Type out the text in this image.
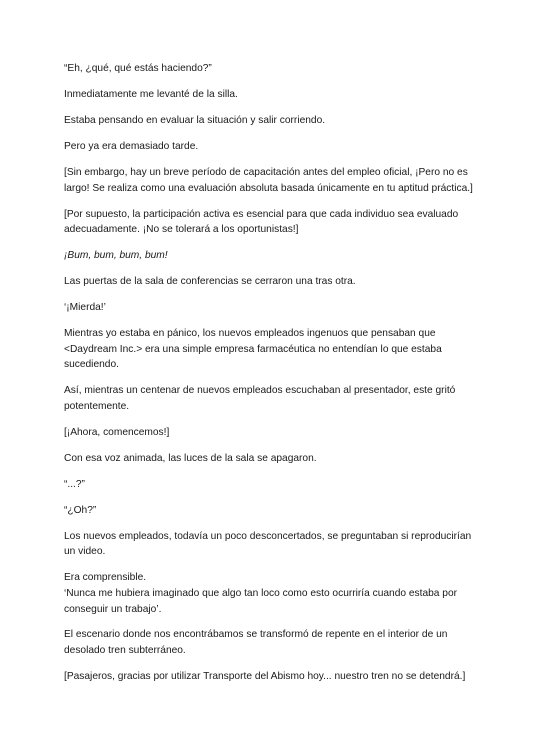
“Eh, ¿qué, qué estás haciendo?”

Inmediatamente me levanté de la silla.

Estaba pensando en evaluar la situación y salir corriendo.

Pero ya era demasiado tarde.

[Sin embargo, hay un breve período de capacitación antes del empleo oficial, ¡Pero no es largo! Se realiza como una evaluación absoluta basada únicamente en tu aptitud práctica.]

[Por supuesto, la participación activa es esencial para que cada individuo sea evaluado adecuadamente. ¡No se tolerará a los oportunistas!]

¡Bum, bum, bum, bum!

Las puertas de la sala de conferencias se cerraron una tras otra.

‘¡Mierda!’

Mientras yo estaba en pánico, los nuevos empleados ingenuos que pensaban que <Daydream Inc.> era una simple empresa farmacéutica no entendían lo que estaba sucediendo.

Así, mientras un centenar de nuevos empleados escuchaban al presentador, este gritó potentemente.

[¡Ahora, comencemos!]

Con esa voz animada, las luces de la sala se apagaron.

“...?”

“¿Oh?”

Los nuevos empleados, todavía un poco desconcertados, se preguntaban si reproducirían un video.

Era comprensible.
‘Nunca me hubiera imaginado que algo tan loco como esto ocurriría cuando estaba por conseguir un trabajo’.

El escenario donde nos encontrábamos se transformó de repente en el interior de un desolado tren subterráneo.

[Pasajeros, gracias por utilizar Transporte del Abismo hoy... nuestro tren no se detendrá.]
